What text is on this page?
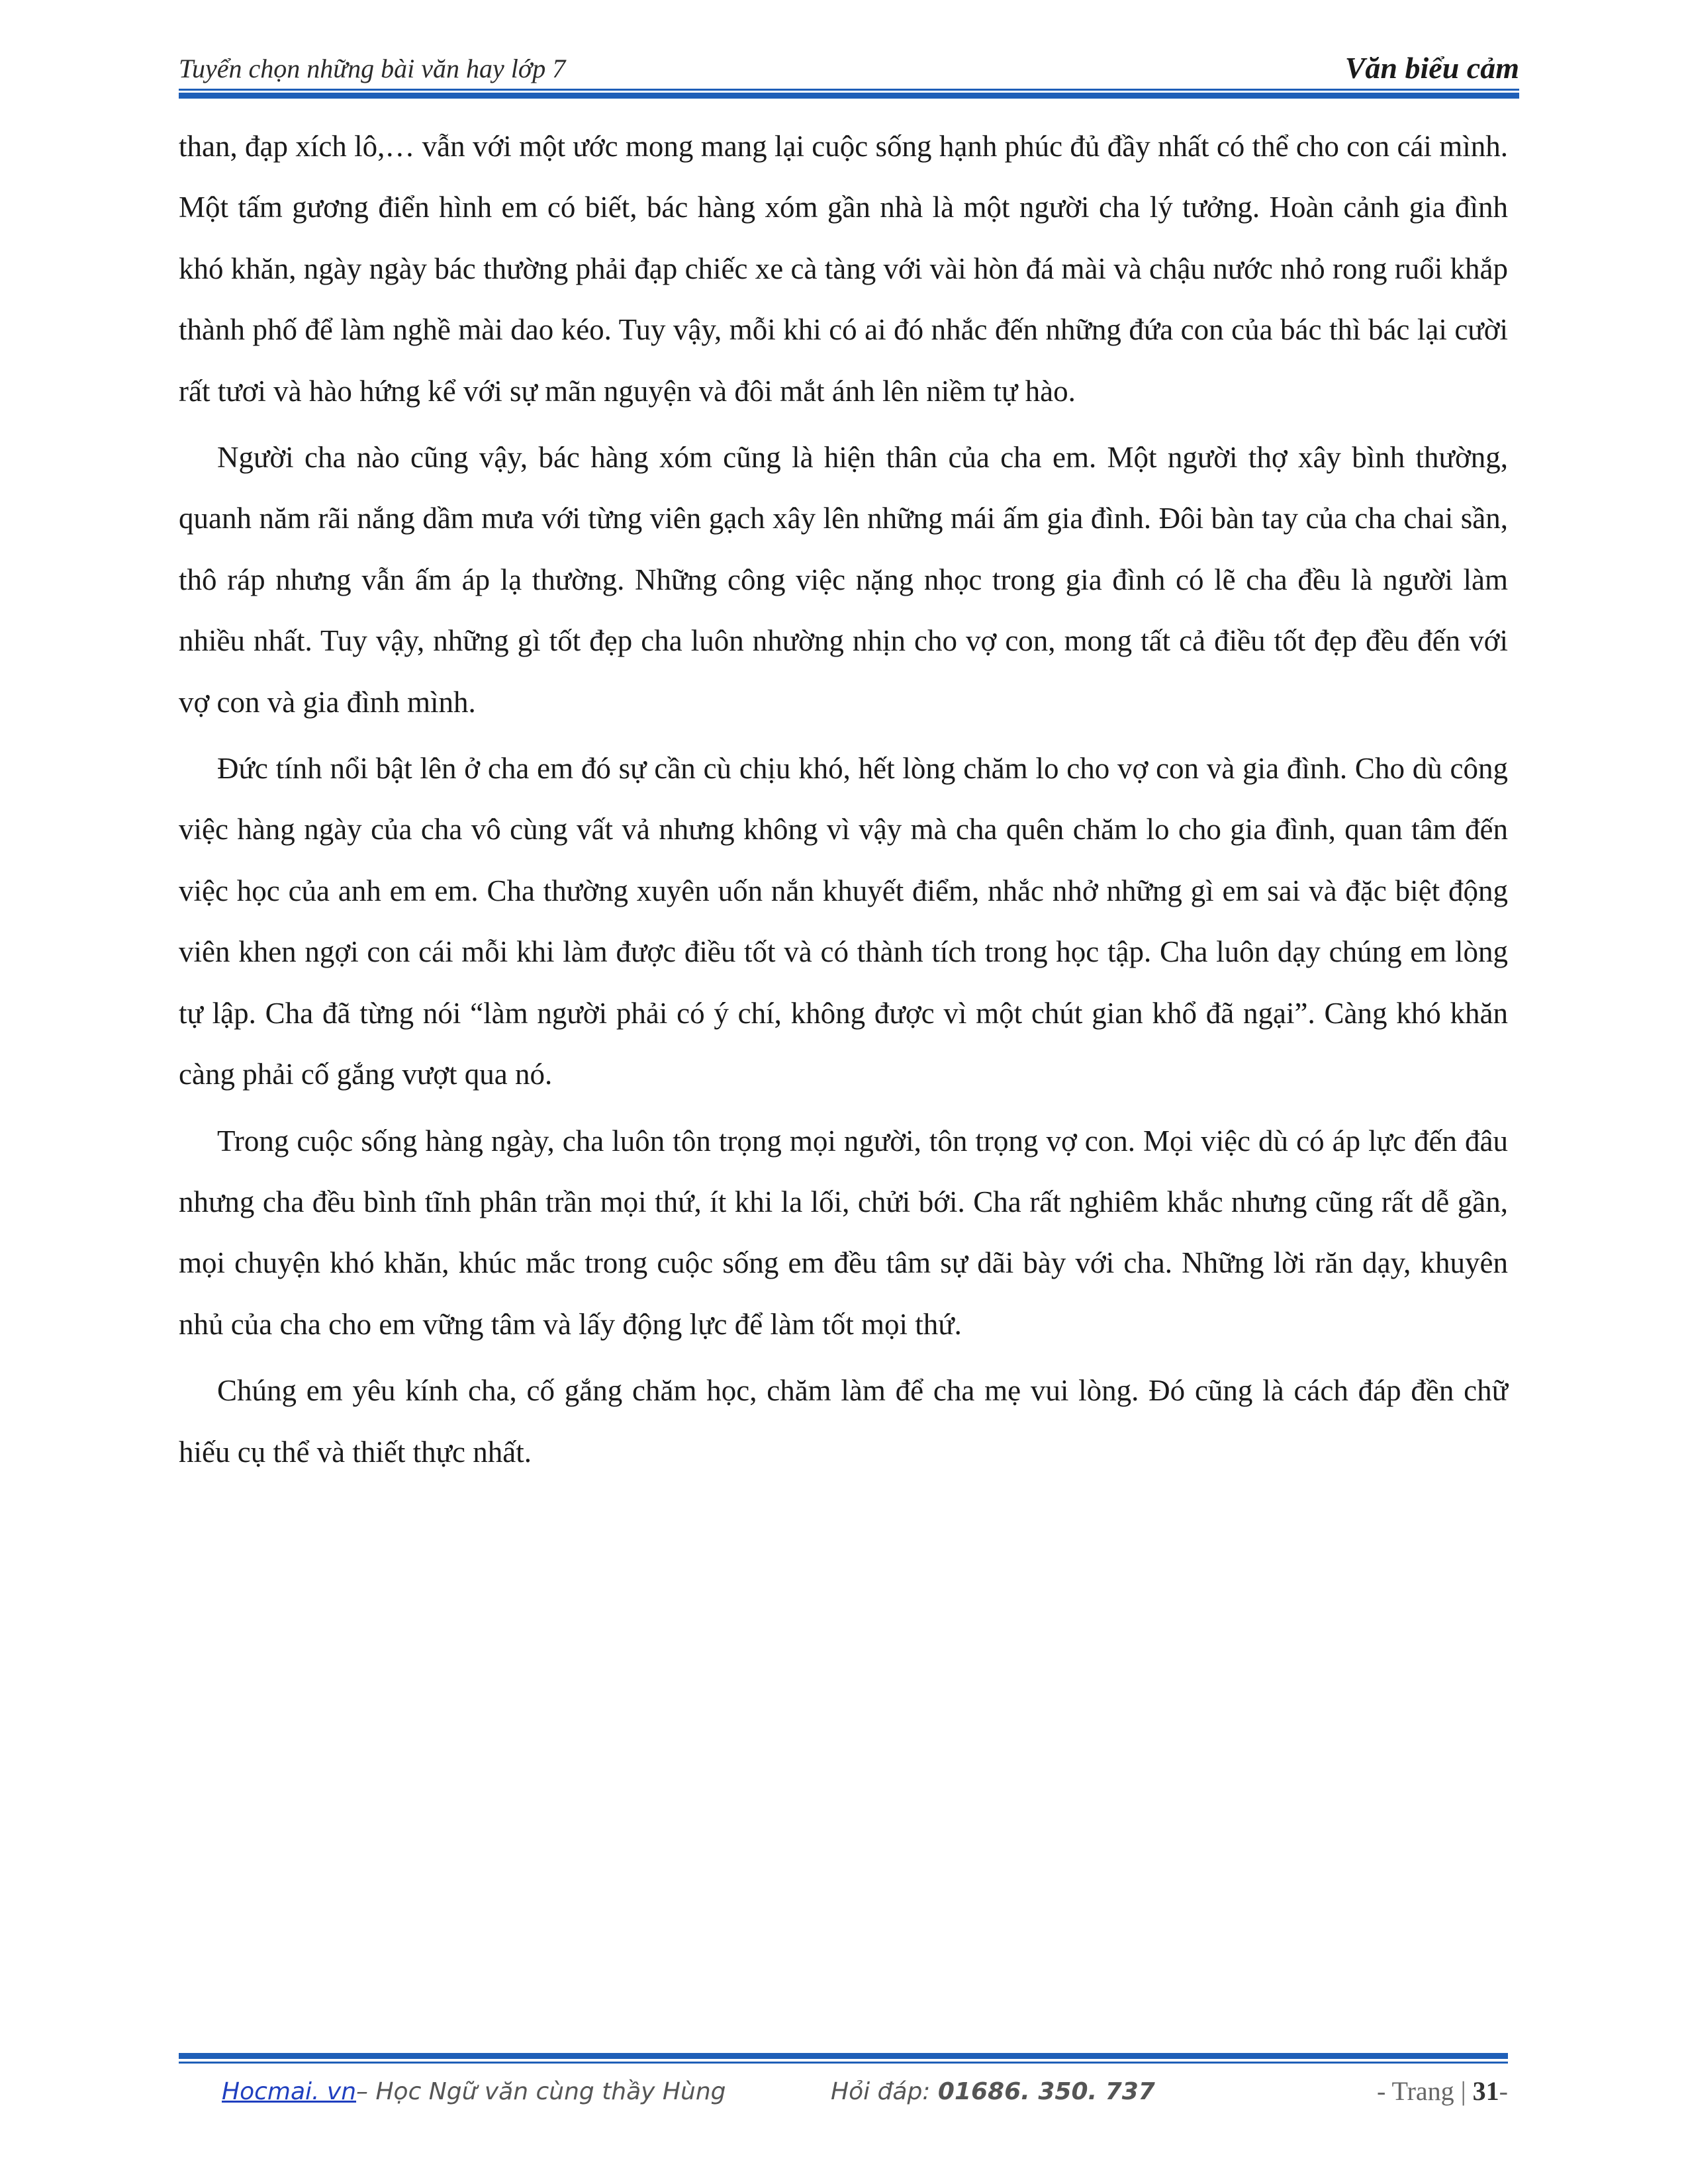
Tuyển chọn những bài văn hay lớp 7	Văn biểu cảm

than, đạp xích lô,… vẫn với một ước mong mang lại cuộc sống hạnh phúc đủ đầy nhất có thể cho con cái mình. Một tấm gương điển hình em có biết, bác hàng xóm gần nhà là một người cha lý tưởng. Hoàn cảnh gia đình khó khăn, ngày ngày bác thường phải đạp chiếc xe cà tàng với vài hòn đá mài và chậu nước nhỏ rong ruổi khắp thành phố để làm nghề mài dao kéo. Tuy vậy, mỗi khi có ai đó nhắc đến những đứa con của bác thì bác lại cười rất tươi và hào hứng kể với sự mãn nguyện và đôi mắt ánh lên niềm tự hào.

Người cha nào cũng vậy, bác hàng xóm cũng là hiện thân của cha em. Một người thợ xây bình thường, quanh năm rãi nắng dầm mưa với từng viên gạch xây lên những mái ấm gia đình. Đôi bàn tay của cha chai sần, thô ráp nhưng vẫn ấm áp lạ thường. Những công việc nặng nhọc trong gia đình có lẽ cha đều là người làm nhiều nhất. Tuy vậy, những gì tốt đẹp cha luôn nhường nhịn cho vợ con, mong tất cả điều tốt đẹp đều đến với vợ con và gia đình mình.

Đức tính nổi bật lên ở cha em đó sự cần cù chịu khó, hết lòng chăm lo cho vợ con và gia đình. Cho dù công việc hàng ngày của cha vô cùng vất vả nhưng không vì vậy mà cha quên chăm lo cho gia đình, quan tâm đến việc học của anh em em. Cha thường xuyên uốn nắn khuyết điểm, nhắc nhở những gì em sai và đặc biệt động viên khen ngợi con cái mỗi khi làm được điều tốt và có thành tích trong học tập. Cha luôn dạy chúng em lòng tự lập. Cha đã từng nói “làm người phải có ý chí, không được vì một chút gian khổ đã ngại”. Càng khó khăn càng phải cố gắng vượt qua nó.

Trong cuộc sống hàng ngày, cha luôn tôn trọng mọi người, tôn trọng vợ con. Mọi việc dù có áp lực đến đâu nhưng cha đều bình tĩnh phân trần mọi thứ, ít khi la lối, chửi bới. Cha rất nghiêm khắc nhưng cũng rất dễ gần, mọi chuyện khó khăn, khúc mắc trong cuộc sống em đều tâm sự dãi bày với cha. Những lời răn dạy, khuyên nhủ của cha cho em vững tâm và lấy động lực để làm tốt mọi thứ.

Chúng em yêu kính cha, cố gắng chăm học, chăm làm để cha mẹ vui lòng. Đó cũng là cách đáp đền chữ hiếu cụ thể và thiết thực nhất.

Hocmai. vn– Học Ngữ văn cùng thầy Hùng	Hỏi đáp: 01686. 350. 737	- Trang | 31-
